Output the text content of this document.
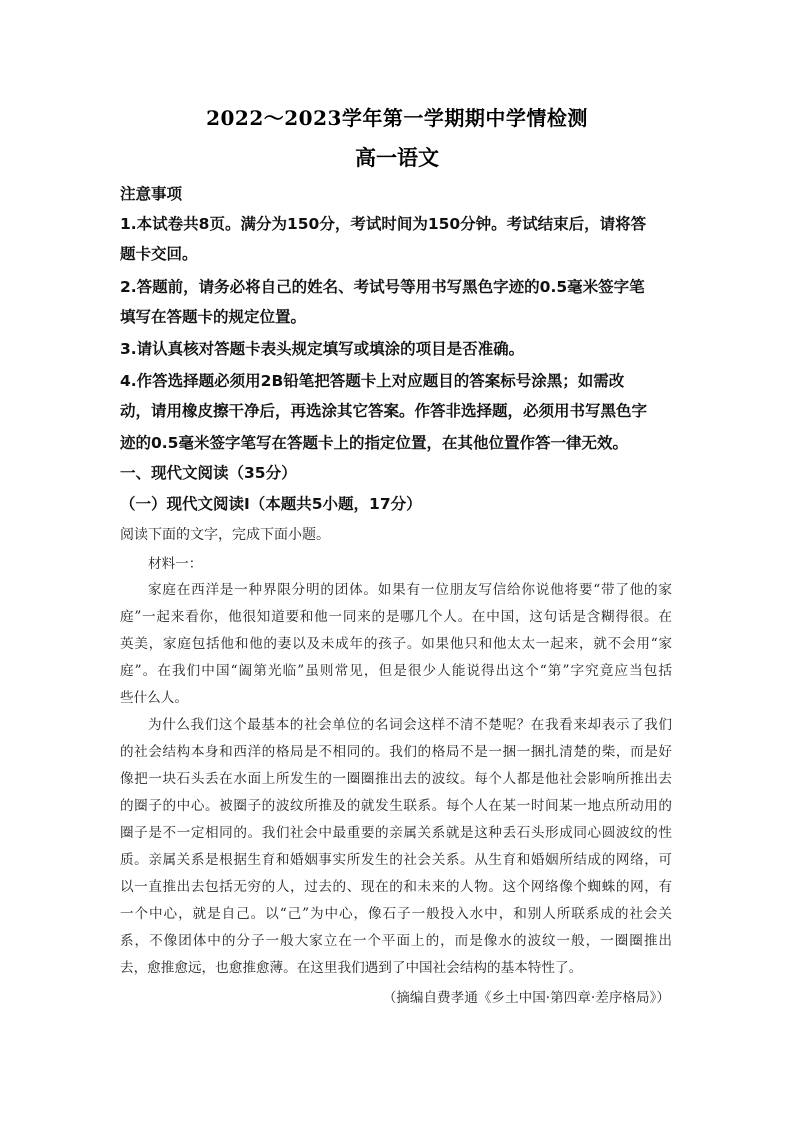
2022～2023学年第一学期期中学情检测
高一语文
注意事项
1.本试卷共8页。满分为150分，考试时间为150分钟。考试结束后，请将答
题卡交回。
2.答题前，请务必将自己的姓名、考试号等用书写黑色字迹的0.5毫米签字笔
填写在答题卡的规定位置。
3.请认真核对答题卡表头规定填写或填涂的项目是否准确。
4.作答选择题必须用2B铅笔把答题卡上对应题目的答案标号涂黑；如需改
动，请用橡皮擦干净后，再选涂其它答案。作答非选择题，必须用书写黑色字
迹的0.5毫米签字笔写在答题卡上的指定位置，在其他位置作答一律无效。
一、现代文阅读（35分）
（一）现代文阅读Ⅰ（本题共5小题，17分）
阅读下面的文字，完成下面小题。
材料一：
家庭在西洋是一种界限分明的团体。如果有一位朋友写信给你说他将要“带了他的家
庭”一起来看你，他很知道要和他一同来的是哪几个人。在中国，这句话是含糊得很。在
英美，家庭包括他和他的妻以及未成年的孩子。如果他只和他太太一起来，就不会用“家
庭”。在我们中国“阖第光临”虽则常见，但是很少人能说得出这个“第”字究竟应当包括
些什么人。
为什么我们这个最基本的社会单位的名词会这样不清不楚呢？在我看来却表示了我们
的社会结构本身和西洋的格局是不相同的。我们的格局不是一捆一捆扎清楚的柴，而是好
像把一块石头丢在水面上所发生的一圈圈推出去的波纹。每个人都是他社会影响所推出去
的圈子的中心。被圈子的波纹所推及的就发生联系。每个人在某一时间某一地点所动用的
圈子是不一定相同的。我们社会中最重要的亲属关系就是这种丢石头形成同心圆波纹的性
质。亲属关系是根据生育和婚姻事实所发生的社会关系。从生育和婚姻所结成的网络，可
以一直推出去包括无穷的人，过去的、现在的和未来的人物。这个网络像个蜘蛛的网，有
一个中心，就是自己。以“己”为中心，像石子一般投入水中，和别人所联系成的社会关
系，不像团体中的分子一般大家立在一个平面上的，而是像水的波纹一般，一圈圈推出
去，愈推愈远，也愈推愈薄。在这里我们遇到了中国社会结构的基本特性了。
（摘编自费孝通《乡土中国·第四章·差序格局》）
